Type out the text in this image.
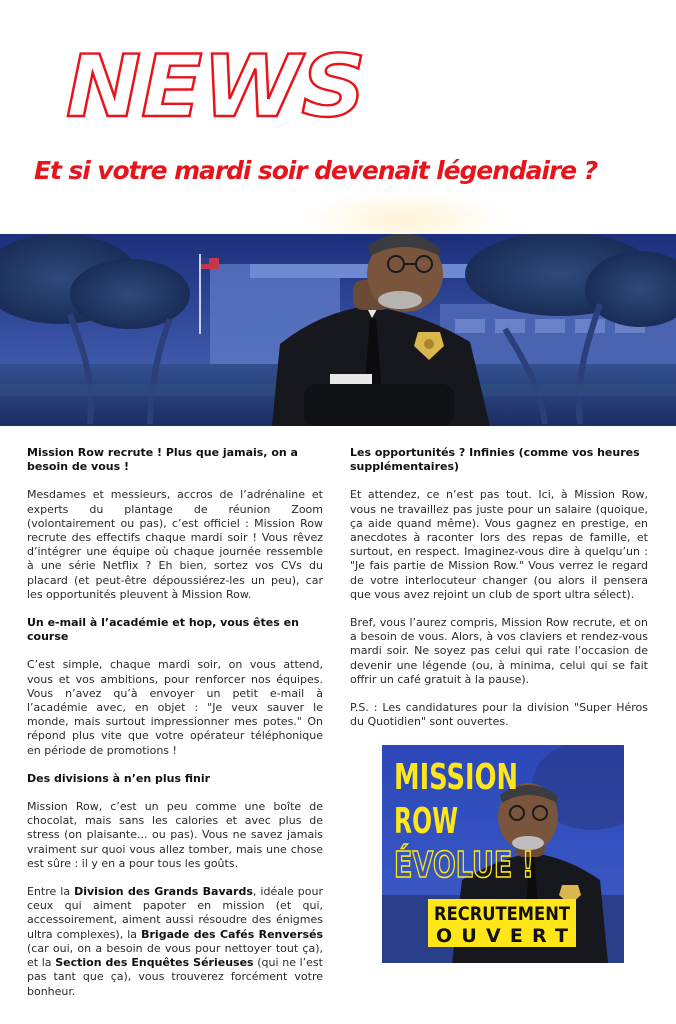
NEWS
Et si votre mardi soir devenait légendaire ?
Mission Row recrute ! Plus que jamais, on a besoin de vous !

Mesdames et messieurs, accros de l’adrénaline et experts du plantage de réunion Zoom (volontairement ou pas), c’est officiel : Mission Row recrute des effectifs chaque mardi soir ! Vous rêvez d’intégrer une équipe où chaque journée ressemble à une série Netflix ? Eh bien, sortez vos CVs du placard (et peut-être dépoussiérez-les un peu), car les opportunités pleuvent à Mission Row.

Un e-mail à l’académie et hop, vous êtes en course

C’est simple, chaque mardi soir, on vous attend, vous et vos ambitions, pour renforcer nos équipes. Vous n’avez qu’à envoyer un petit e-mail à l’académie avec, en objet : "Je veux sauver le monde, mais surtout impressionner mes potes." On répond plus vite que votre opérateur téléphonique en période de promotions !

Des divisions à n’en plus finir

Mission Row, c’est un peu comme une boîte de chocolat, mais sans les calories et avec plus de stress (on plaisante... ou pas). Vous ne savez jamais vraiment sur quoi vous allez tomber, mais une chose est sûre : il y en a pour tous les goûts.

Entre la Division des Grands Bavards, idéale pour ceux qui aiment papoter en mission (et qui, accessoirement, aiment aussi résoudre des énigmes ultra complexes), la Brigade des Cafés Renversés (car oui, on a besoin de vous pour nettoyer tout ça), et la Section des Enquêtes Sérieuses (qui ne l’est pas tant que ça), vous trouverez forcément votre bonheur.

Les opportunités ? Infinies (comme vos heures supplémentaires)

Et attendez, ce n’est pas tout. Ici, à Mission Row, vous ne travaillez pas juste pour un salaire (quoique, ça aide quand même). Vous gagnez en prestige, en anecdotes à raconter lors des repas de famille, et surtout, en respect. Imaginez-vous dire à quelqu’un : "Je fais partie de Mission Row." Vous verrez le regard de votre interlocuteur changer (ou alors il pensera que vous avez rejoint un club de sport ultra sélect).

Bref, vous l’aurez compris, Mission Row recrute, et on a besoin de vous. Alors, à vos claviers et rendez-vous mardi soir. Ne soyez pas celui qui rate l’occasion de devenir une légende (ou, à minima, celui qui se fait offrir un café gratuit à la pause).

P.S. : Les candidatures pour la division "Super Héros du Quotidien" sont ouvertes.

MISSION
ROW
ÉVOLUE !
RECRUTEMENT
OUVERT
